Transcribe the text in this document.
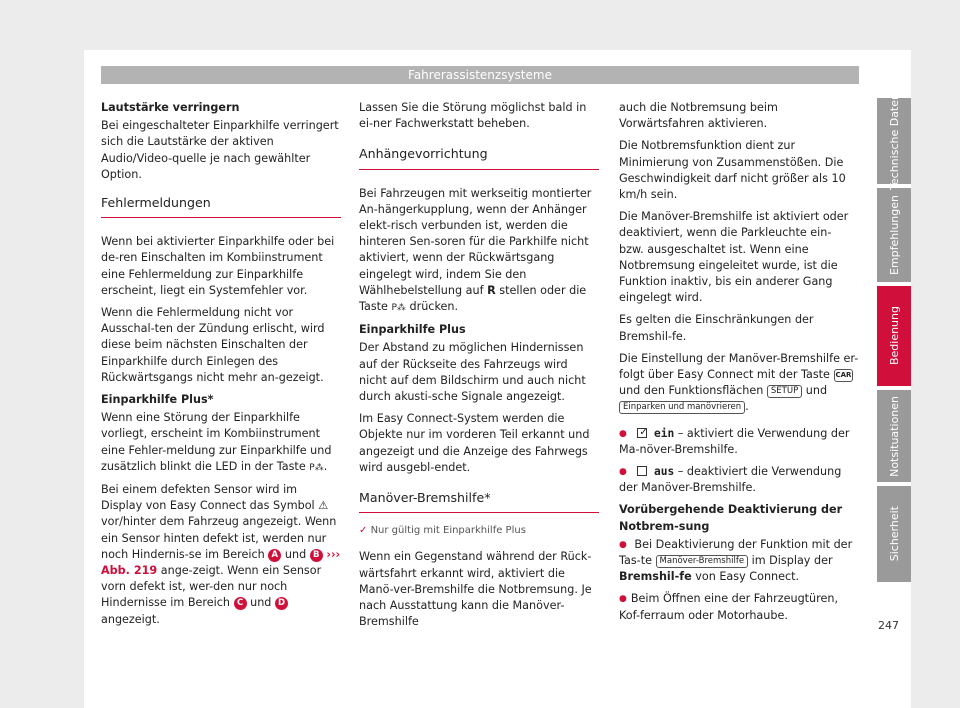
Fahrerassistenzsysteme

Lautstärke verringern

Bei eingeschalteter Einparkhilfe verringert sich die Lautstärke der aktiven Audio/Video-quelle je nach gewählter Option.

Fehlermeldungen

Wenn bei aktivierter Einparkhilfe oder bei de-ren Einschalten im Kombiinstrument eine Fehlermeldung zur Einparkhilfe erscheint, liegt ein Systemfehler vor.

Wenn die Fehlermeldung nicht vor Ausschal-ten der Zündung erlischt, wird diese beim nächsten Einschalten der Einparkhilfe durch Einlegen des Rückwärtsgangs nicht mehr an-gezeigt.

Einparkhilfe Plus*

Wenn eine Störung der Einparkhilfe vorliegt, erscheint im Kombiinstrument eine Fehler-meldung zur Einparkhilfe und zusätzlich blinkt die LED in der Taste P⁂.

Bei einem defekten Sensor wird im Display von Easy Connect das Symbol ⚠ vor/hinter dem Fahrzeug angezeigt. Wenn ein Sensor hinten defekt ist, werden nur noch Hindernis-se im Bereich A und B ››› Abb. 219 ange-zeigt. Wenn ein Sensor vorn defekt ist, wer-den nur noch Hindernisse im Bereich C und D angezeigt.

Lassen Sie die Störung möglichst bald in ei-ner Fachwerkstatt beheben.

Anhängevorrichtung

Bei Fahrzeugen mit werkseitig montierter An-hängerkupplung, wenn der Anhänger elekt-risch verbunden ist, werden die hinteren Sen-soren für die Parkhilfe nicht aktiviert, wenn der Rückwärtsgang eingelegt wird, indem Sie den Wählhebelstellung auf R stellen oder die Taste P⁂ drücken.

Einparkhilfe Plus

Der Abstand zu möglichen Hindernissen auf der Rückseite des Fahrzeugs wird nicht auf dem Bildschirm und auch nicht durch akusti-sche Signale angezeigt.

Im Easy Connect-System werden die Objekte nur im vorderen Teil erkannt und angezeigt und die Anzeige des Fahrwegs wird ausgebl-endet.

Manöver-Bremshilfe*

✓ Nur gültig mit Einparkhilfe Plus

Wenn ein Gegenstand während der Rück-wärtsfahrt erkannt wird, aktiviert die Manö-ver-Bremshilfe die Notbremsung. Je nach Ausstattung kann die Manöver-Bremshilfe

auch die Notbremsung beim Vorwärtsfahren aktivieren.

Die Notbremsfunktion dient zur Minimierung von Zusammenstößen. Die Geschwindigkeit darf nicht größer als 10 km/h sein.

Die Manöver-Bremshilfe ist aktiviert oder deaktiviert, wenn die Parkleuchte ein- bzw. ausgeschaltet ist. Wenn eine Notbremsung eingeleitet wurde, ist die Funktion inaktiv, bis ein anderer Gang eingelegt wird.

Es gelten die Einschränkungen der Bremshil-fe.

Die Einstellung der Manöver-Bremshilfe er-folgt über Easy Connect mit der Taste CAR und den Funktionsflächen SETUP und Einparken und manövrieren .

● ✓ ein – aktiviert die Verwendung der Ma-növer-Bremshilfe.

● aus – deaktiviert die Verwendung der Manöver-Bremshilfe.

Vorübergehende Deaktivierung der Notbrem-sung

● Bei Deaktivierung der Funktion mit der Tas-te Manöver-Bremshilfe im Display der Bremshil-fe von Easy Connect.

● Beim Öffnen eine der Fahrzeugtüren, Kof-ferraum oder Motorhaube.

Technische Daten
Empfehlungen
Bedienung
Notsituationen
Sicherheit
247
